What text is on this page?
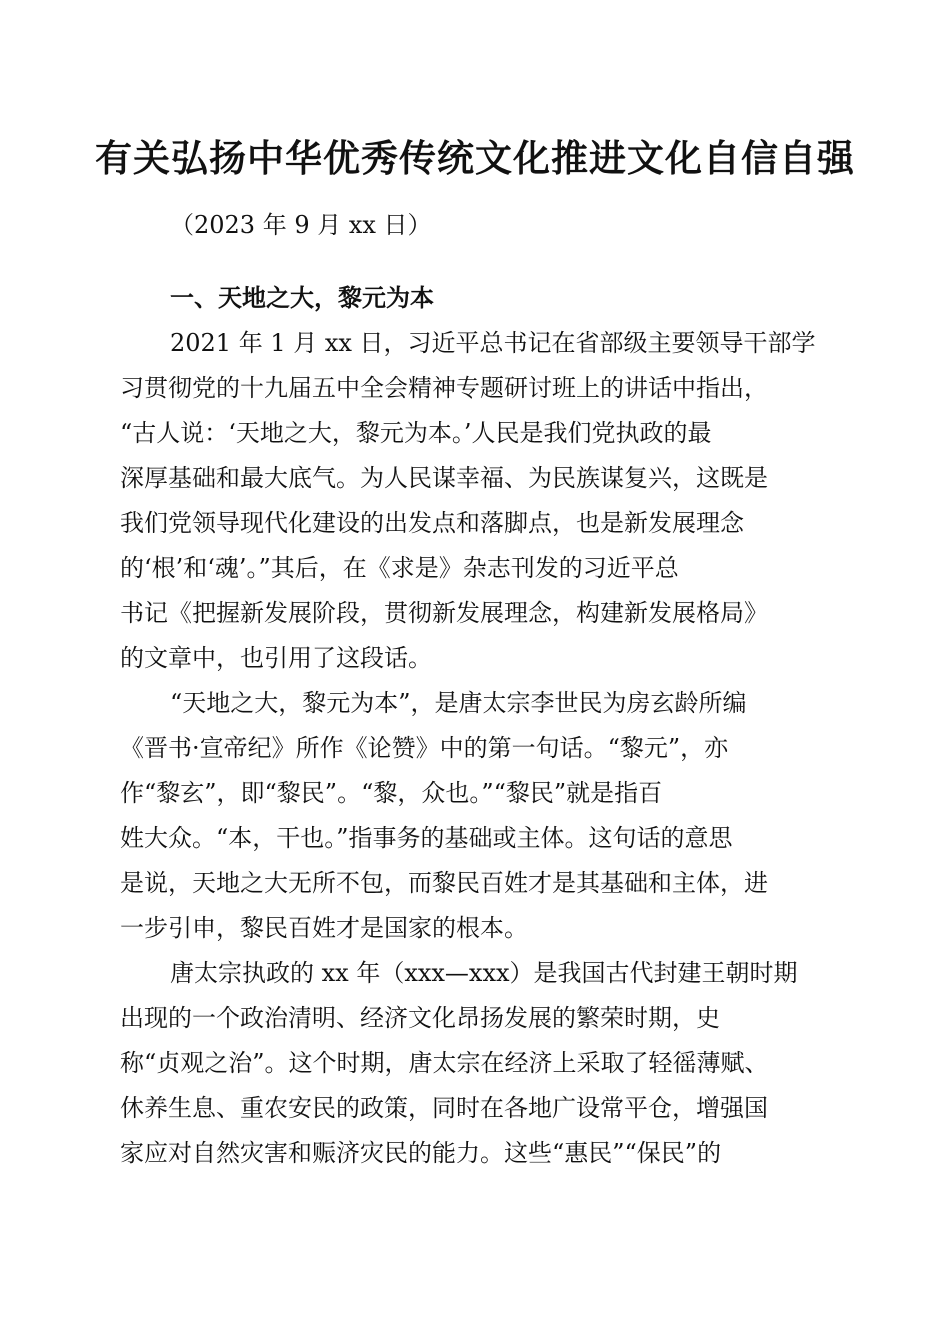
有关弘扬中华优秀传统文化推进文化自信自强
（2023 年 9 月 xx 日）
一、天地之大，黎元为本
2021 年 1 月 xx 日，习近平总书记在省部级主要领导干部学
习贯彻党的十九届五中全会精神专题研讨班上的讲话中指出，
“古人说：‘天地之大，黎元为本。’人民是我们党执政的最
深厚基础和最大底气。为人民谋幸福、为民族谋复兴，这既是
我们党领导现代化建设的出发点和落脚点，也是新发展理念
的‘根’和‘魂’。”其后，在《求是》杂志刊发的习近平总
书记《把握新发展阶段，贯彻新发展理念，构建新发展格局》
的文章中，也引用了这段话。
“天地之大，黎元为本”，是唐太宗李世民为房玄龄所编
《晋书·宣帝纪》所作《论赞》中的第一句话。“黎元”，亦
作“黎玄”，即“黎民”。“黎，众也。”“黎民”就是指百
姓大众。“本，干也。”指事务的基础或主体。这句话的意思
是说，天地之大无所不包，而黎民百姓才是其基础和主体，进
一步引申，黎民百姓才是国家的根本。
唐太宗执政的 xx 年（xxx—xxx）是我国古代封建王朝时期
出现的一个政治清明、经济文化昂扬发展的繁荣时期，史
称“贞观之治”。这个时期，唐太宗在经济上采取了轻徭薄赋、
休养生息、重农安民的政策，同时在各地广设常平仓，增强国
家应对自然灾害和赈济灾民的能力。这些“惠民”“保民”的
